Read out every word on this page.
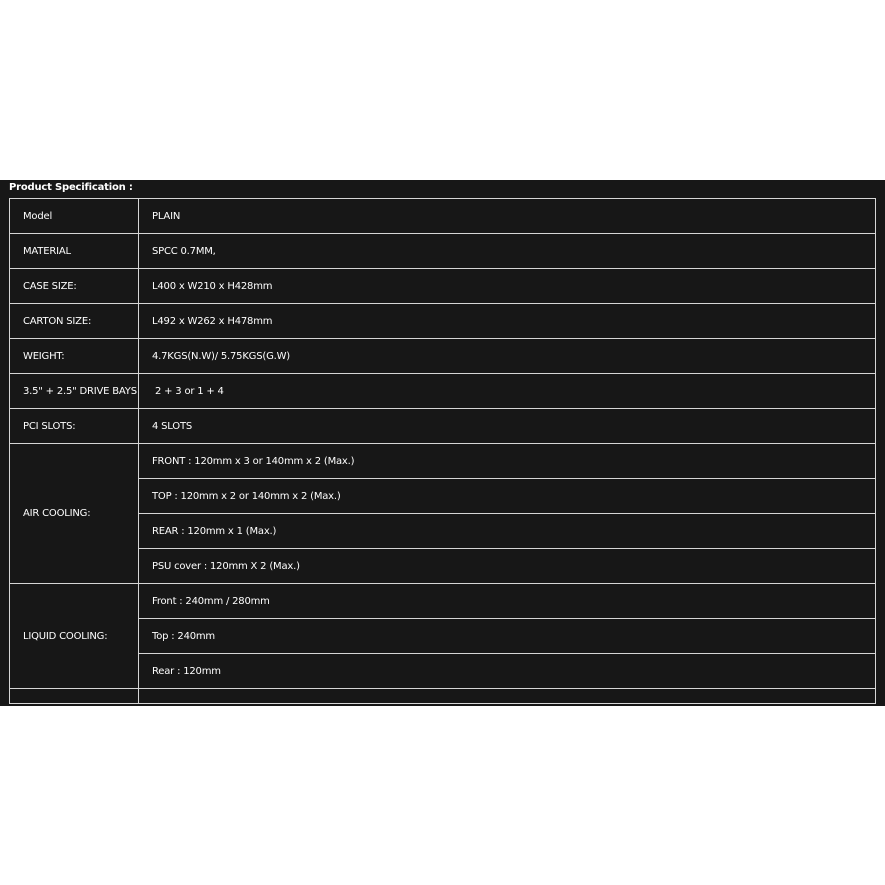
Product Specification :
Model	PLAIN
MATERIAL	SPCC 0.7MM,
CASE SIZE:	L400 x W210 x H428mm
CARTON SIZE:	L492 x W262 x H478mm
WEIGHT:	4.7KGS(N.W)/ 5.75KGS(G.W)
3.5" + 2.5" DRIVE BAYS	2 + 3 or 1 + 4
PCI SLOTS:	4 SLOTS
AIR COOLING:	FRONT : 120mm x 3 or 140mm x 2 (Max.)
	TOP : 120mm x 2 or 140mm x 2 (Max.)
	REAR : 120mm x 1 (Max.)
	PSU cover : 120mm X 2 (Max.)
LIQUID COOLING:	Front : 240mm / 280mm
	Top : 240mm
	Rear : 120mm
